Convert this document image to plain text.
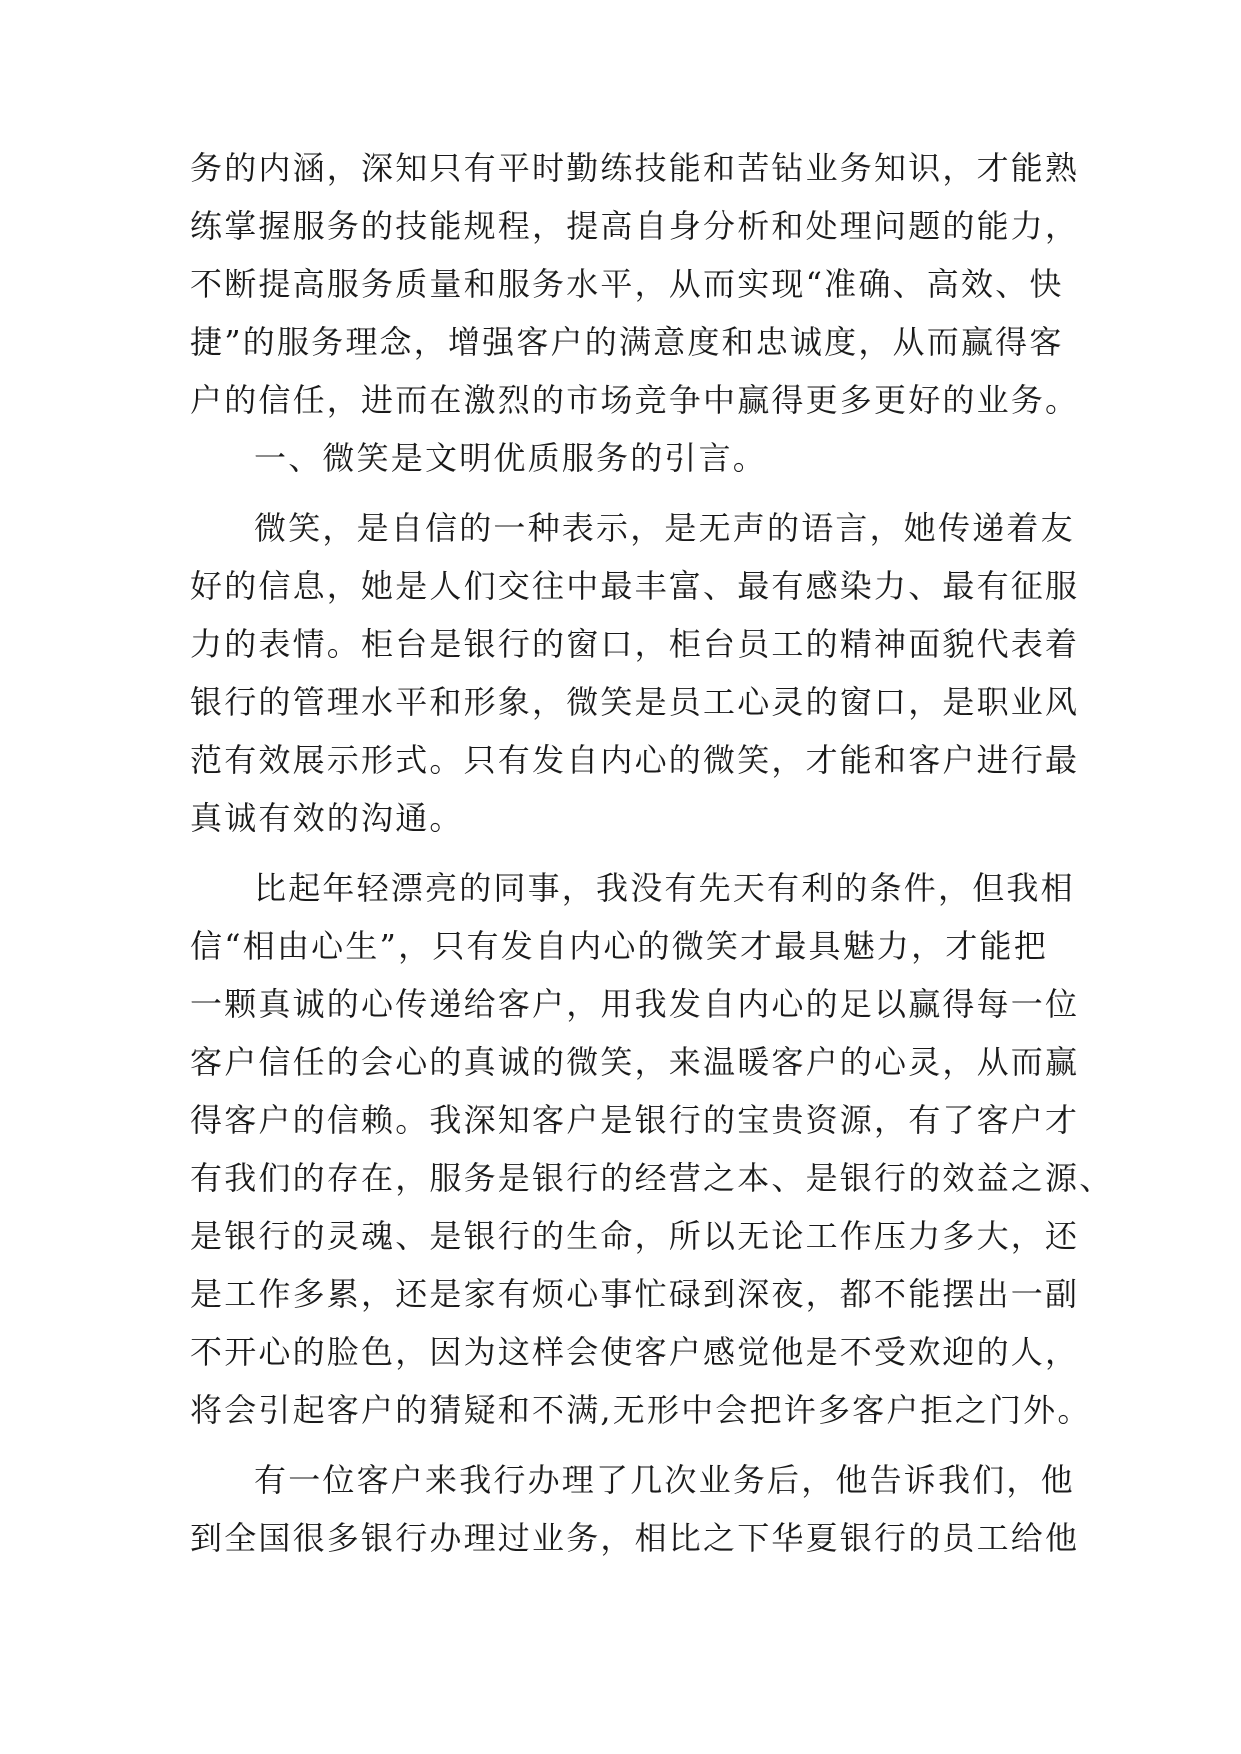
务的内涵，深知只有平时勤练技能和苦钻业务知识，才能熟
练掌握服务的技能规程，提高自身分析和处理问题的能力，
不断提高服务质量和服务水平，从而实现“准确、高效、快
捷”的服务理念，增强客户的满意度和忠诚度，从而赢得客
户的信任，进而在激烈的市场竞争中赢得更多更好的业务。
一、微笑是文明优质服务的引言。
微笑，是自信的一种表示，是无声的语言，她传递着友
好的信息，她是人们交往中最丰富、最有感染力、最有征服
力的表情。柜台是银行的窗口，柜台员工的精神面貌代表着
银行的管理水平和形象，微笑是员工心灵的窗口，是职业风
范有效展示形式。只有发自内心的微笑，才能和客户进行最
真诚有效的沟通。
比起年轻漂亮的同事，我没有先天有利的条件，但我相
信“相由心生”，只有发自内心的微笑才最具魅力，才能把
一颗真诚的心传递给客户，用我发自内心的足以赢得每一位
客户信任的会心的真诚的微笑，来温暖客户的心灵，从而赢
得客户的信赖。我深知客户是银行的宝贵资源，有了客户才
有我们的存在，服务是银行的经营之本、是银行的效益之源、
是银行的灵魂、是银行的生命，所以无论工作压力多大，还
是工作多累，还是家有烦心事忙碌到深夜，都不能摆出一副
不开心的脸色，因为这样会使客户感觉他是不受欢迎的人，
将会引起客户的猜疑和不满,无形中会把许多客户拒之门外。
有一位客户来我行办理了几次业务后，他告诉我们，他
到全国很多银行办理过业务，相比之下华夏银行的员工给他
